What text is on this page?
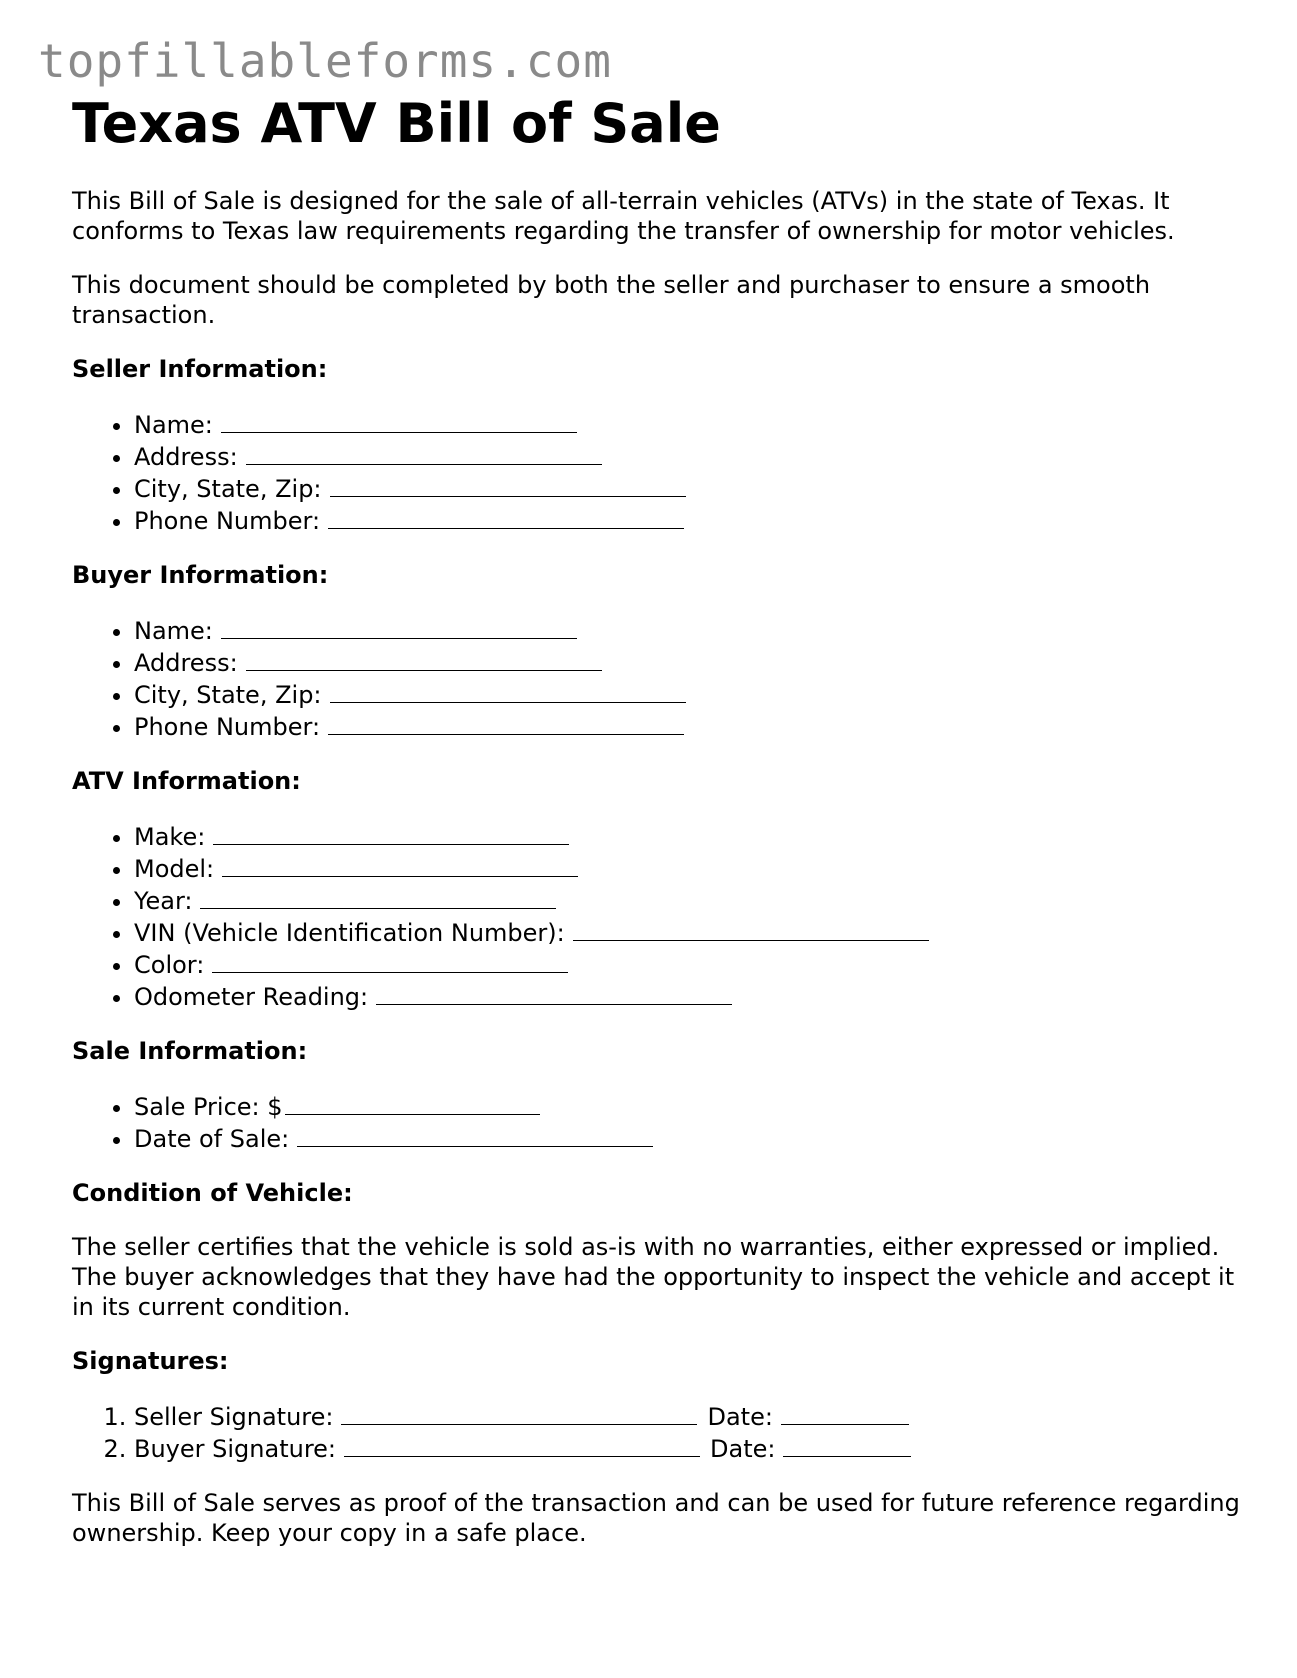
topfillableforms.com
Texas ATV Bill of Sale

This Bill of Sale is designed for the sale of all-terrain vehicles (ATVs) in the state of Texas. It conforms to Texas law requirements regarding the transfer of ownership for motor vehicles.

This document should be completed by both the seller and purchaser to ensure a smooth transaction.

Seller Information:
• Name:
• Address:
• City, State, Zip:
• Phone Number:
Buyer Information:
• Name:
• Address:
• City, State, Zip:
• Phone Number:
ATV Information:
• Make:
• Model:
• Year:
• VIN (Vehicle Identification Number):
• Color:
• Odometer Reading:
Sale Information:
• Sale Price: $
• Date of Sale:
Condition of Vehicle:

The seller certifies that the vehicle is sold as-is with no warranties, either expressed or implied. The buyer acknowledges that they have had the opportunity to inspect the vehicle and accept it in its current condition.

Signatures:
1. Seller Signature:	Date:
2. Buyer Signature:	Date:

This Bill of Sale serves as proof of the transaction and can be used for future reference regarding ownership. Keep your copy in a safe place.
